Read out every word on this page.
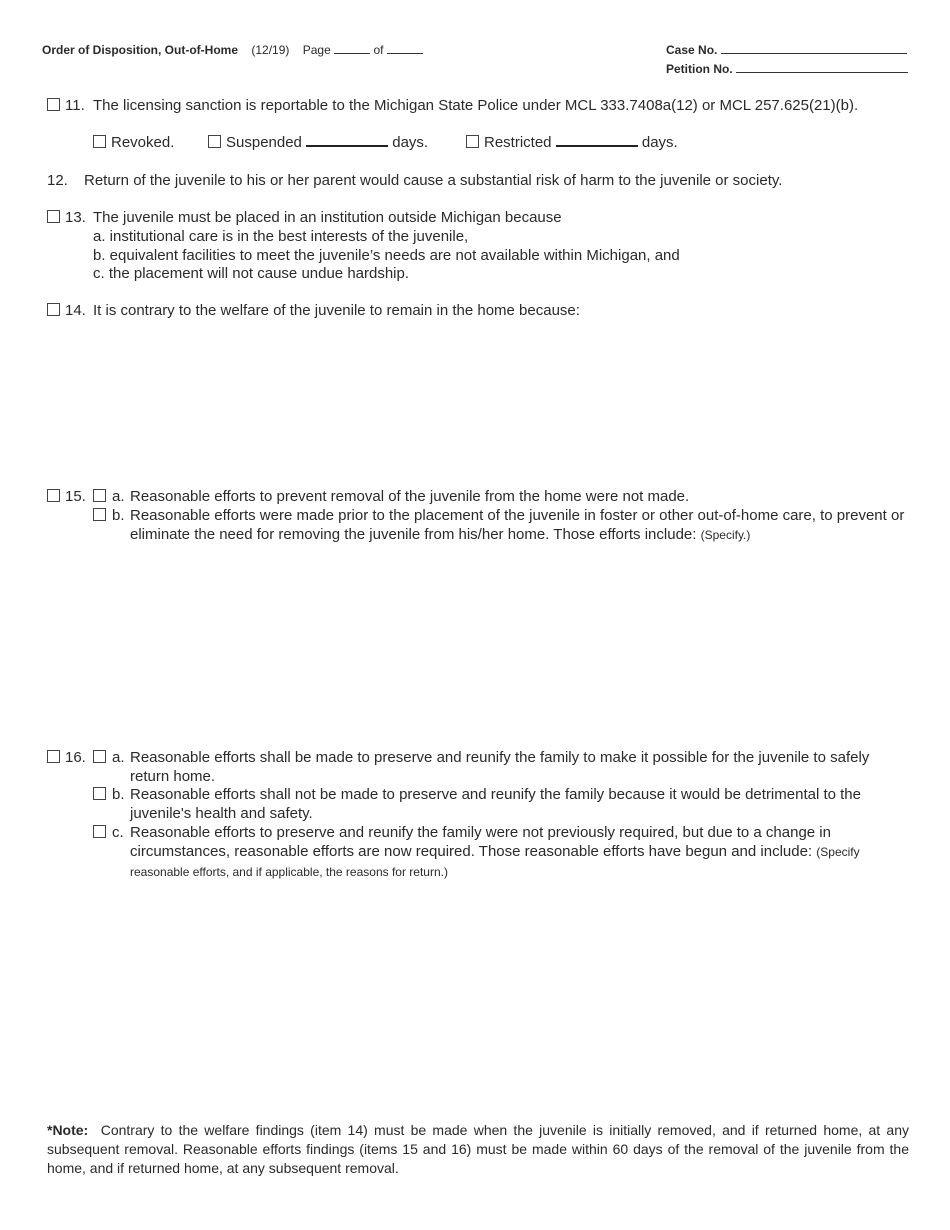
Order of Disposition, Out-of-Home (12/19) Page	of	Case No.
Petition No.
11. The licensing sanction is reportable to the Michigan State Police under MCL 333.7408a(12) or MCL 257.625(21)(b).
Revoked.	Suspended	days.	Restricted	days.
12. Return of the juvenile to his or her parent would cause a substantial risk of harm to the juvenile or society.
13. The juvenile must be placed in an institution outside Michigan because
a. institutional care is in the best interests of the juvenile,
b. equivalent facilities to meet the juvenile’s needs are not available within Michigan, and
c. the placement will not cause undue hardship.
14. It is contrary to the welfare of the juvenile to remain in the home because:
15. a. Reasonable efforts to prevent removal of the juvenile from the home were not made.
b. Reasonable efforts were made prior to the placement of the juvenile in foster or other out-of-home care, to prevent or eliminate the need for removing the juvenile from his/her home. Those efforts include: (Specify.)
16. a. Reasonable efforts shall be made to preserve and reunify the family to make it possible for the juvenile to safely return home.
b. Reasonable efforts shall not be made to preserve and reunify the family because it would be detrimental to the juvenile's health and safety.
c. Reasonable efforts to preserve and reunify the family were not previously required, but due to a change in circumstances, reasonable efforts are now required. Those reasonable efforts have begun and include: (Specify reasonable efforts, and if applicable, the reasons for return.)
*Note: Contrary to the welfare findings (item 14) must be made when the juvenile is initially removed, and if returned home, at any subsequent removal. Reasonable efforts findings (items 15 and 16) must be made within 60 days of the removal of the juvenile from the home, and if returned home, at any subsequent removal.
